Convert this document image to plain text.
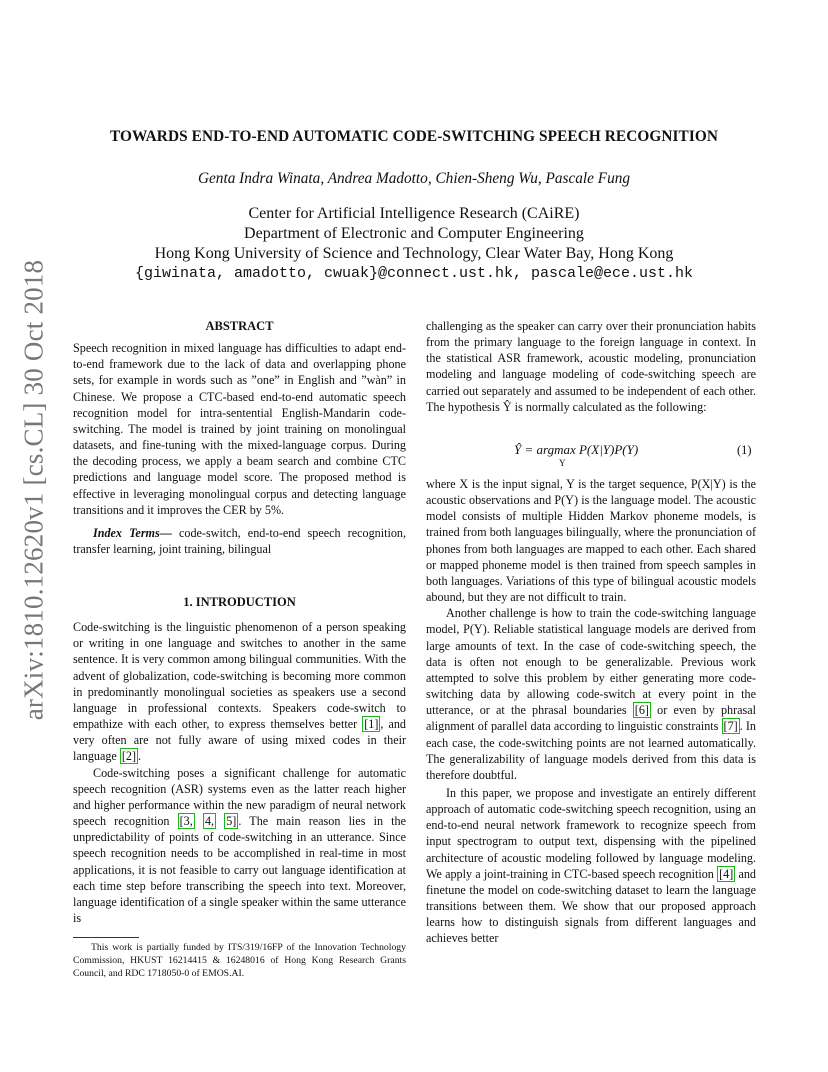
arXiv:1810.12620v1 [cs.CL] 30 Oct 2018
TOWARDS END-TO-END AUTOMATIC CODE-SWITCHING SPEECH RECOGNITION
Genta Indra Winata, Andrea Madotto, Chien-Sheng Wu, Pascale Fung
Center for Artificial Intelligence Research (CAiRE)
Department of Electronic and Computer Engineering
Hong Kong University of Science and Technology, Clear Water Bay, Hong Kong
{giwinata, amadotto, cwuak}@connect.ust.hk, pascale@ece.ust.hk

ABSTRACT

Speech recognition in mixed language has difficulties to adapt end-to-end framework due to the lack of data and overlapping phone sets, for example in words such as ”one” in English and ”wàn” in Chinese. We propose a CTC-based end-to-end automatic speech recognition model for intra-sentential English-Mandarin code-switching. The model is trained by joint training on monolingual datasets, and fine-tuning with the mixed-language corpus. During the decoding process, we apply a beam search and combine CTC predictions and language model score. The proposed method is effective in leveraging monolingual corpus and detecting language transitions and it improves the CER by 5%.

Index Terms— code-switch, end-to-end speech recognition, transfer learning, joint training, bilingual

1. INTRODUCTION

Code-switching is the linguistic phenomenon of a person speaking or writing in one language and switches to another in the same sentence. It is very common among bilingual communities. With the advent of globalization, code-switching is becoming more common in predominantly monolingual societies as speakers use a second language in professional contexts. Speakers code-switch to empathize with each other, to express themselves better [1] , and very often are not fully aware of using mixed codes in their language [2] .

Code-switching poses a significant challenge for automatic speech recognition (ASR) systems even as the latter reach higher and higher performance within the new paradigm of neural network speech recognition [3, 4, 5] . The main reason lies in the unpredictability of points of code-switching in an utterance. Since speech recognition needs to be accomplished in real-time in most applications, it is not feasible to carry out language identification at each time step before transcribing the speech into text. Moreover, language identification of a single speaker within the same utterance is

This work is partially funded by ITS/319/16FP of the Innovation Technology Commission, HKUST 16214415 & 16248016 of Hong Kong Research Grants Council, and RDC 1718050-0 of EMOS.AI.

challenging as the speaker can carry over their pronunciation habits from the primary language to the foreign language in context. In the statistical ASR framework, acoustic modeling, pronunciation modeling and language modeling of code-switching speech are carried out separately and assumed to be independent of each other. The hypothesis Ŷ is normally calculated as the following:

Ŷ = argmax P(X|Y)P(Y)
Y
(1)

where X is the input signal, Y is the target sequence, P(X|Y) is the acoustic observations and P(Y) is the language model. The acoustic model consists of multiple Hidden Markov phoneme models, is trained from both languages bilingually, where the pronunciation of phones from both languages are mapped to each other. Each shared or mapped phoneme model is then trained from speech samples in both languages. Variations of this type of bilingual acoustic models abound, but they are not difficult to train.

Another challenge is how to train the code-switching language model, P(Y). Reliable statistical language models are derived from large amounts of text. In the case of code-switching speech, the data is often not enough to be generalizable. Previous work attempted to solve this problem by either generating more code-switching data by allowing code-switch at every point in the utterance, or at the phrasal boundaries [6] or even by phrasal alignment of parallel data according to linguistic constraints [7] . In each case, the code-switching points are not learned automatically. The generalizability of language models derived from this data is therefore doubtful.

In this paper, we propose and investigate an entirely different approach of automatic code-switching speech recognition, using an end-to-end neural network framework to recognize speech from input spectrogram to output text, dispensing with the pipelined architecture of acoustic modeling followed by language modeling. We apply a joint-training in CTC-based speech recognition [4] and finetune the model on code-switching dataset to learn the language transitions between them. We show that our proposed approach learns how to distinguish signals from different languages and achieves better
